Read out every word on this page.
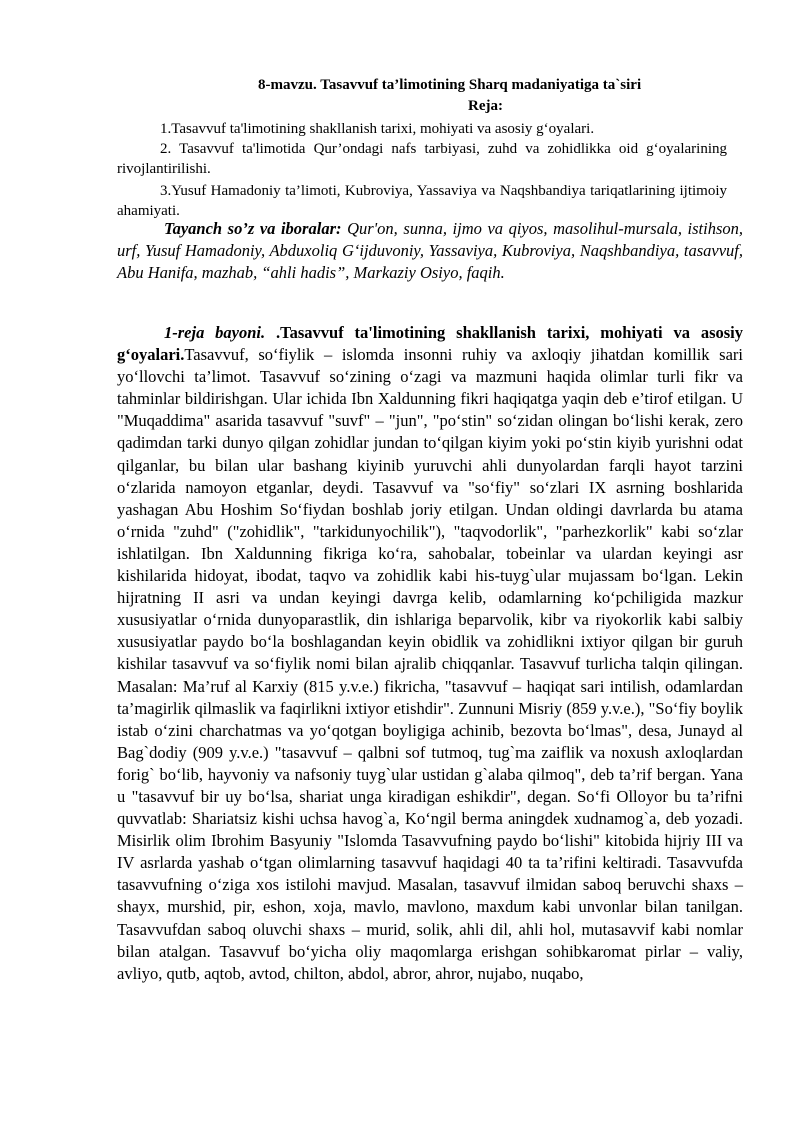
8-mavzu. Tasavvuf ta’limotining Sharq madaniyatiga ta`siri
Reja:
1.Tasavvuf ta'limotining shakllanish tarixi, mohiyati va asosiy g‘oyalari.
2. Tasavvuf ta'limotida Qur’ondagi nafs tarbiyasi, zuhd va zohidlikka oid g‘oyalarining rivojlantirilishi.
3.Yusuf Hamadoniy ta’limoti, Kubroviya, Yassaviya va Naqshbandiya tariqatlarining ijtimoiy ahamiyati.
Tayanch so’z va iboralar: Qur'on, sunna, ijmo va qiyos, masolihul-mursala, istihson, urf, Yusuf Hamadoniy, Abduxoliq G‘ijduvoniy, Yassaviya, Kubroviya, Naqshbandiya, tasavvuf, Abu Hanifa, mazhab, “ahli hadis”, Markaziy Osiyo, faqih.
1-reja bayoni. .Tasavvuf ta'limotining shakllanish tarixi, mohiyati va asosiy g‘oyalari.Tasavvuf, so‘fiylik – islomda insonni ruhiy va axloqiy jihatdan komillik sari yo‘llovchi ta’limot. Tasavvuf so‘zining o‘zagi va mazmuni haqida olimlar turli fikr va tahminlar bildirishgan. Ular ichida Ibn Xaldunning fikri haqiqatga yaqin deb e’tirof etilgan. U "Muqaddima" asarida tasavvuf "suvf" – "jun", "po‘stin" so‘zidan olingan bo‘lishi kerak, zero qadimdan tarki dunyo qilgan zohidlar jundan to‘qilgan kiyim yoki po‘stin kiyib yurishni odat qilganlar, bu bilan ular bashang kiyinib yuruvchi ahli dunyolardan farqli hayot tarzini o‘zlarida namoyon etganlar, deydi. Tasavvuf va "so‘fiy" so‘zlari IX asrning boshlarida yashagan Abu Hoshim So‘fiydan boshlab joriy etilgan. Undan oldingi davrlarda bu atama o‘rnida "zuhd" ("zohidlik", "tarkidunyochilik"), "taqvodorlik", "parhezkorlik" kabi so‘zlar ishlatilgan. Ibn Xaldunning fikriga ko‘ra, sahobalar, tobeinlar va ulardan keyingi asr kishilarida hidoyat, ibodat, taqvo va zohidlik kabi his-tuyg`ular mujassam bo‘lgan. Lekin hijratning II asri va undan keyingi davrga kelib, odamlarning ko‘pchiligida mazkur xususiyatlar o‘rnida dunyoparastlik, din ishlariga beparvolik, kibr va riyokorlik kabi salbiy xususiyatlar paydo bo‘la boshlagandan keyin obidlik va zohidlikni ixtiyor qilgan bir guruh kishilar tasavvuf va so‘fiylik nomi bilan ajralib chiqqanlar. Tasavvuf turlicha talqin qilingan. Masalan: Ma’ruf al Karxiy (815 y.v.e.) fikricha, "tasavvuf – haqiqat sari intilish, odamlardan ta’magirlik qilmaslik va faqirlikni ixtiyor etishdir". Zunnuni Misriy (859 y.v.e.), "So‘fiy boylik istab o‘zini charchatmas va yo‘qotgan boyligiga achinib, bezovta bo‘lmas", desa, Junayd al Bag`dodiy (909 y.v.e.) "tasavvuf – qalbni sof tutmoq, tug`ma zaiflik va noxush axloqlardan forig` bo‘lib, hayvoniy va nafsoniy tuyg`ular ustidan g`alaba qilmoq", deb ta’rif bergan. Yana u "tasavvuf bir uy bo‘lsa, shariat unga kiradigan eshikdir", degan. So‘fi Olloyor bu ta’rifni quvvatlab: Shariatsiz kishi uchsa havog`a, Ko‘ngil berma aningdek xudnamog`a, deb yozadi. Misirlik olim Ibrohim Basyuniy "Islomda Tasavvufning paydo bo‘lishi" kitobida hijriy III va IV asrlarda yashab o‘tgan olimlarning tasavvuf haqidagi 40 ta ta’rifini keltiradi. Tasavvufda tasavvufning o‘ziga xos istilohi mavjud. Masalan, tasavvuf ilmidan saboq beruvchi shaxs – shayx, murshid, pir, eshon, xoja, mavlo, mavlono, maxdum kabi unvonlar bilan tanilgan. Tasavvufdan saboq oluvchi shaxs – murid, solik, ahli dil, ahli hol, mutasavvif kabi nomlar bilan atalgan. Tasavvuf bo‘yicha oliy maqomlarga erishgan sohibkaromat pirlar – valiy, avliyo, qutb, aqtob, avtod, chilton, abdol, abror, ahror, nujabo, nuqabo,
